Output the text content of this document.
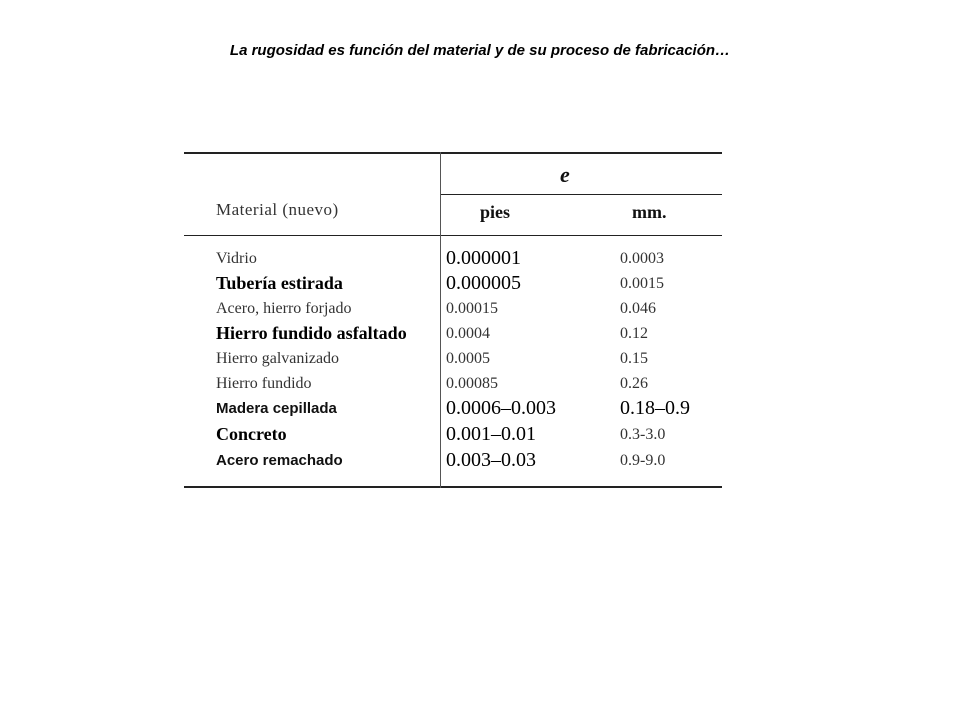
La rugosidad es función del material y de su proceso de fabricación…
Material (nuevo)
e
pies	mm.
Vidrio	0.000001	0.0003
Tubería estirada	0.000005	0.0015
Acero, hierro forjado	0.00015	0.046
Hierro fundido asfaltado 0.0004	0.12
Hierro galvanizado	0.0005	0.15
Hierro fundido	0.00085	0.26
Madera cepillada	0.0006–0.003	0.18–0.9
Concreto	0.001–0.01	0.3-3.0
Acero remachado	0.003–0.03	0.9-9.0
